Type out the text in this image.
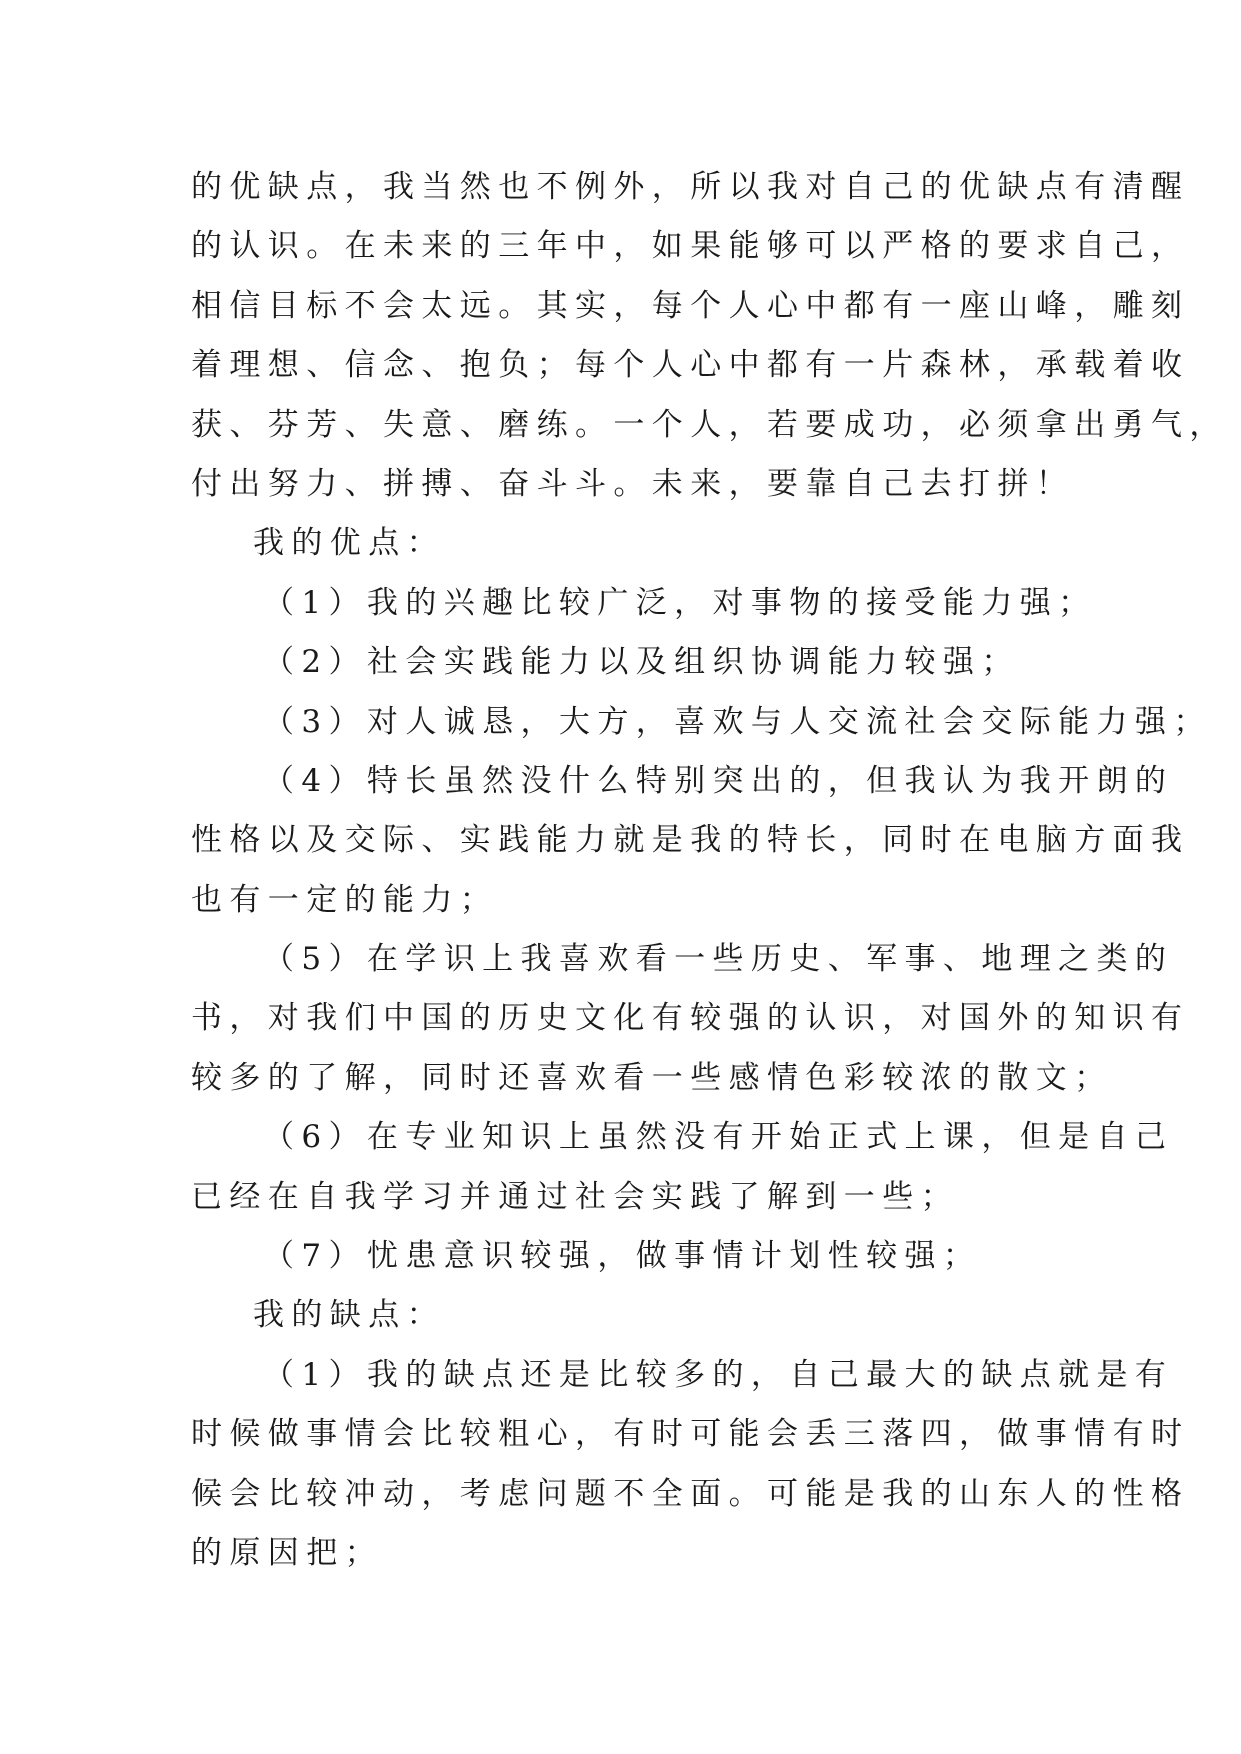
的优缺点，我当然也不例外，所以我对自己的优缺点有清醒
的认识。在未来的三年中，如果能够可以严格的要求自己，
相信目标不会太远。其实，每个人心中都有一座山峰，雕刻
着理想、信念、抱负；每个人心中都有一片森林，承载着收
获、芬芳、失意、磨练。一个人，若要成功，必须拿出勇气，
付出努力、拼搏、奋斗斗。未来，要靠自己去打拼！
我的优点：
（1）我的兴趣比较广泛，对事物的接受能力强；
（2）社会实践能力以及组织协调能力较强；
（3）对人诚恳，大方，喜欢与人交流社会交际能力强；
（4）特长虽然没什么特别突出的，但我认为我开朗的
性格以及交际、实践能力就是我的特长，同时在电脑方面我
也有一定的能力；
（5）在学识上我喜欢看一些历史、军事、地理之类的
书，对我们中国的历史文化有较强的认识，对国外的知识有
较多的了解，同时还喜欢看一些感情色彩较浓的散文；
（6）在专业知识上虽然没有开始正式上课，但是自己
已经在自我学习并通过社会实践了解到一些；
（7）忧患意识较强，做事情计划性较强；
我的缺点：
（1）我的缺点还是比较多的，自己最大的缺点就是有
时候做事情会比较粗心，有时可能会丢三落四，做事情有时
候会比较冲动，考虑问题不全面。可能是我的山东人的性格
的原因把；
